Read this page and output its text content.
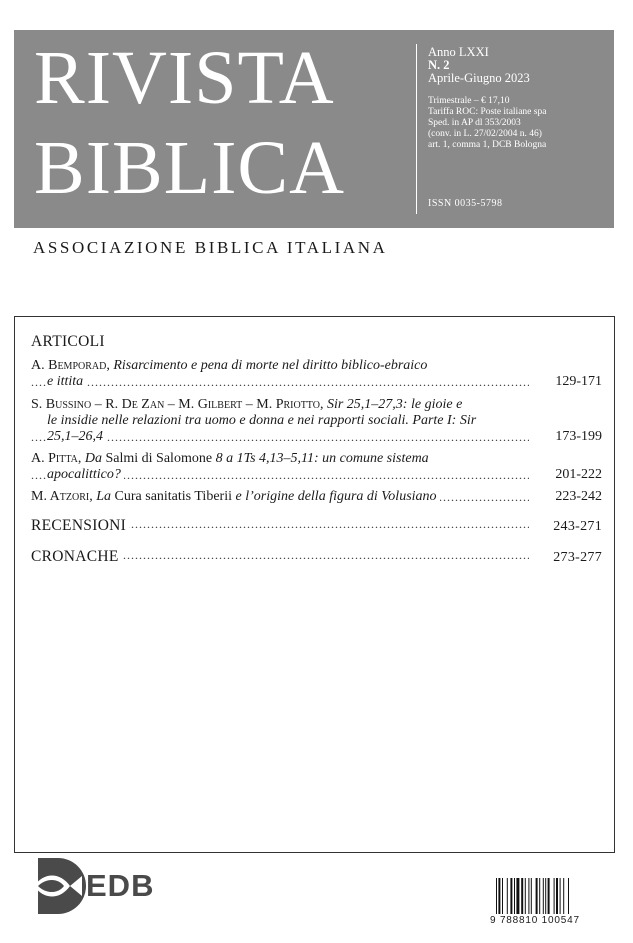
RIVISTA
BIBLICA
Anno LXXI
N. 2
Aprile-Giugno 2023
Trimestrale – € 17,10
Tariffa ROC: Poste italiane spa
Sped. in AP dl 353/2003
(conv. in L. 27/02/2004 n. 46)
art. 1, comma 1, DCB Bologna
ISSN 0035-5798
ASSOCIAZIONE BIBLICA ITALIANA
ARTICOLI
A. Bemporad, Risarcimento e pena di morte nel diritto biblico-ebraico
e ittita .....	129-171
S. Bussino – R. De Zan – M. Gilbert – M. Priotto, Sir 25,1–27,3: le gioie e
le insidie nelle relazioni tra uomo e donna e nei rapporti sociali. Parte I: Sir
25,1–26,4 .....	173-199
A. Pitta, Da Salmi di Salomone 8 a 1Ts 4,13–5,11: un comune sistema
apocalittico? .....	201-222
M. Atzori, La Cura sanitatis Tiberii e l’origine della figura di Volusiano .....	223-242
RECENSIONI .....	243-271
CRONACHE .....	273-277
EDB
9 788810 100547
